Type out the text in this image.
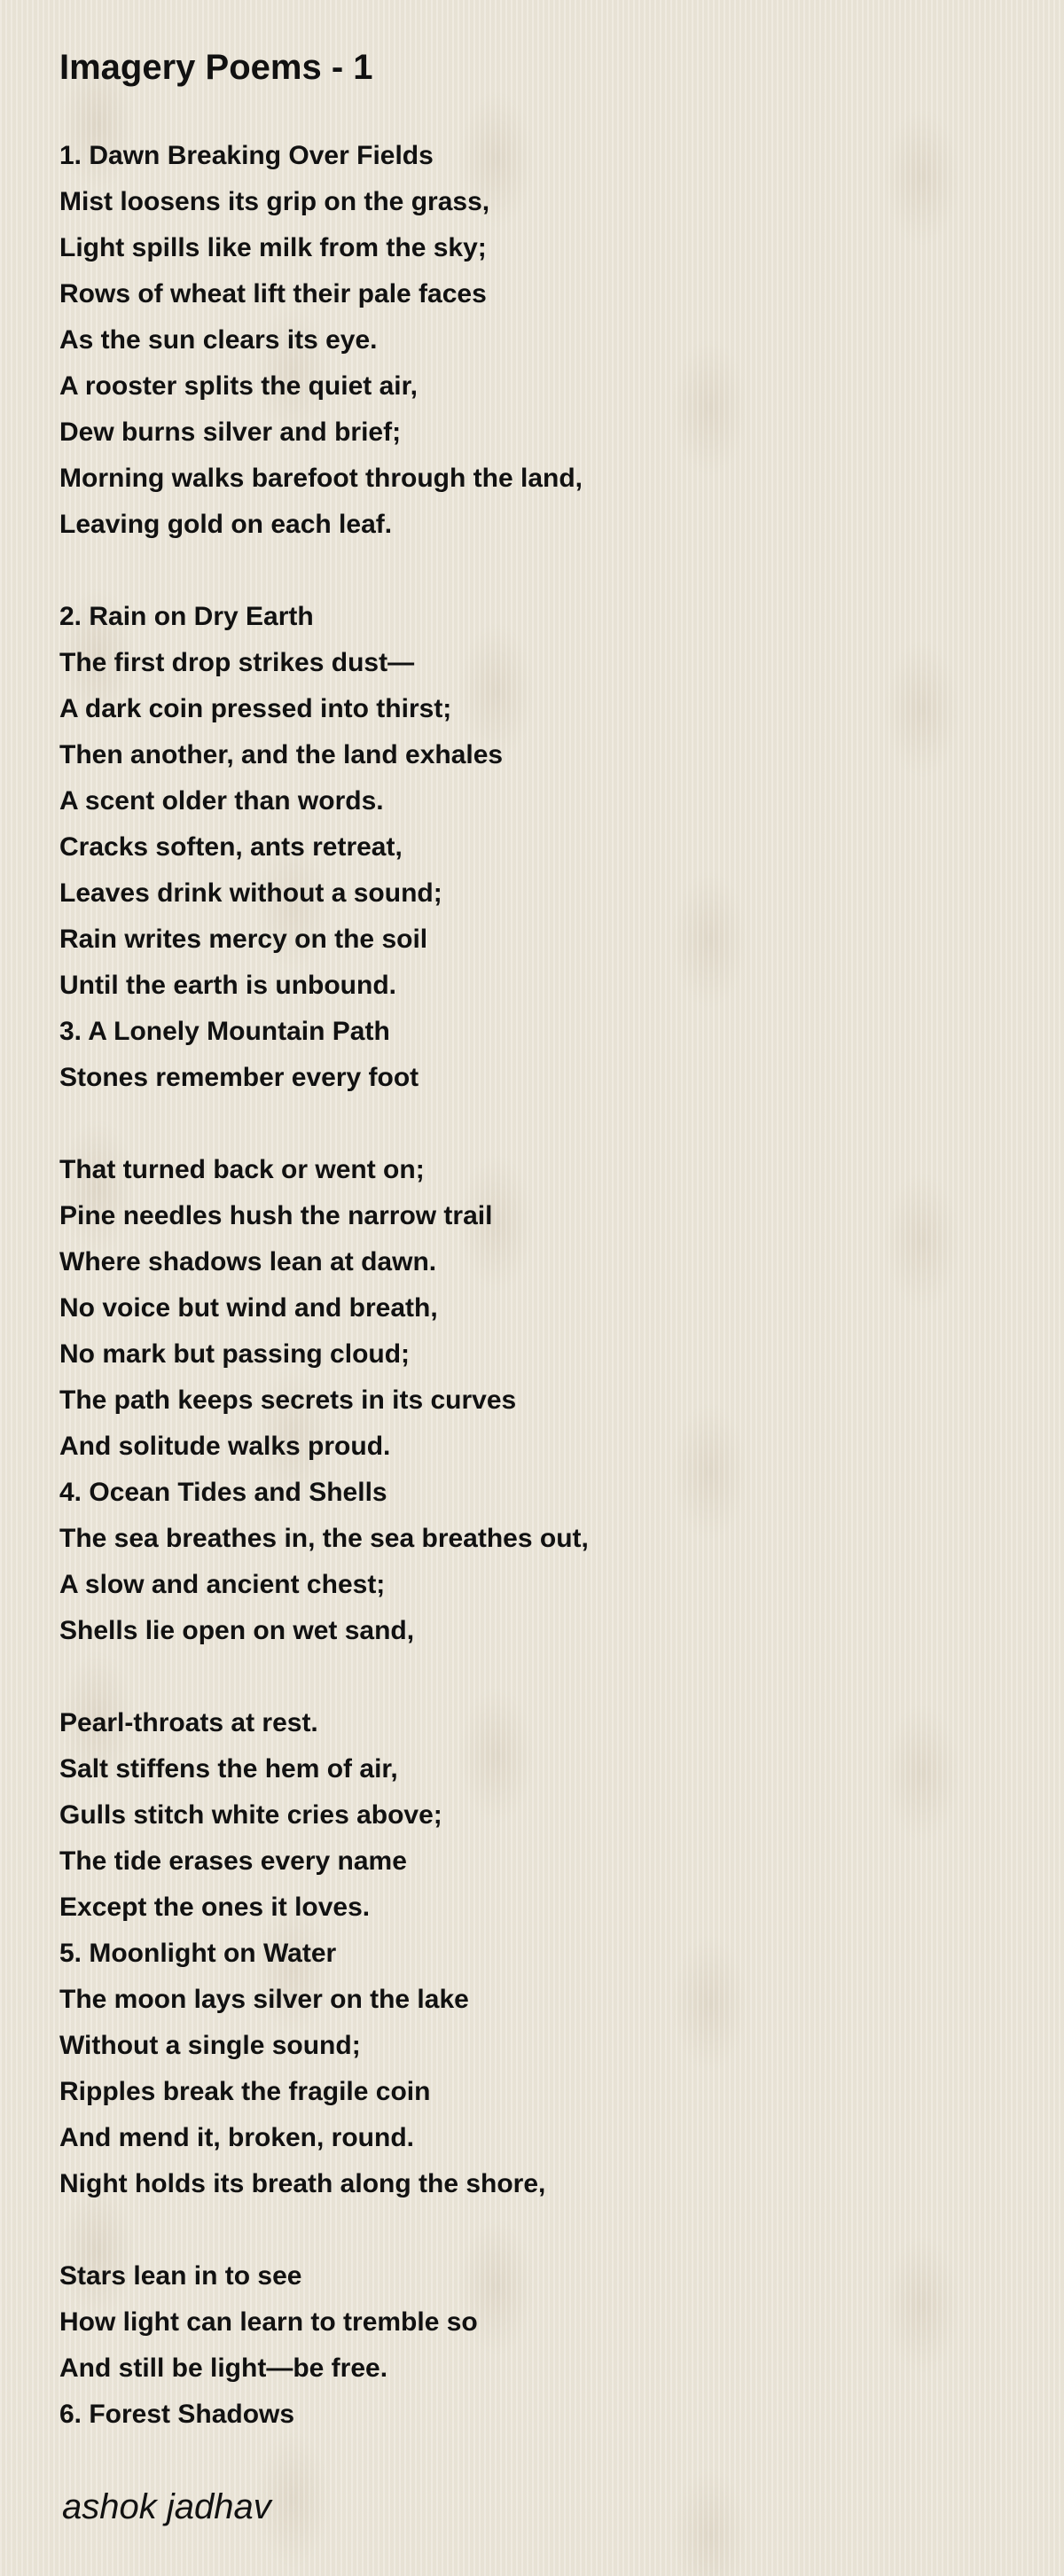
Imagery Poems - 1
1. Dawn Breaking Over Fields
Mist loosens its grip on the grass,
Light spills like milk from the sky;
Rows of wheat lift their pale faces
As the sun clears its eye.
A rooster splits the quiet air,
Dew burns silver and brief;
Morning walks barefoot through the land,
Leaving gold on each leaf.
2. Rain on Dry Earth
The first drop strikes dust—
A dark coin pressed into thirst;
Then another, and the land exhales
A scent older than words.
Cracks soften, ants retreat,
Leaves drink without a sound;
Rain writes mercy on the soil
Until the earth is unbound.
3. A Lonely Mountain Path
Stones remember every foot
That turned back or went on;
Pine needles hush the narrow trail
Where shadows lean at dawn.
No voice but wind and breath,
No mark but passing cloud;
The path keeps secrets in its curves
And solitude walks proud.
4. Ocean Tides and Shells
The sea breathes in, the sea breathes out,
A slow and ancient chest;
Shells lie open on wet sand,
Pearl-throats at rest.
Salt stiffens the hem of air,
Gulls stitch white cries above;
The tide erases every name
Except the ones it loves.
5. Moonlight on Water
The moon lays silver on the lake
Without a single sound;
Ripples break the fragile coin
And mend it, broken, round.
Night holds its breath along the shore,
Stars lean in to see
How light can learn to tremble so
And still be light—be free.
6. Forest Shadows
ashok jadhav
